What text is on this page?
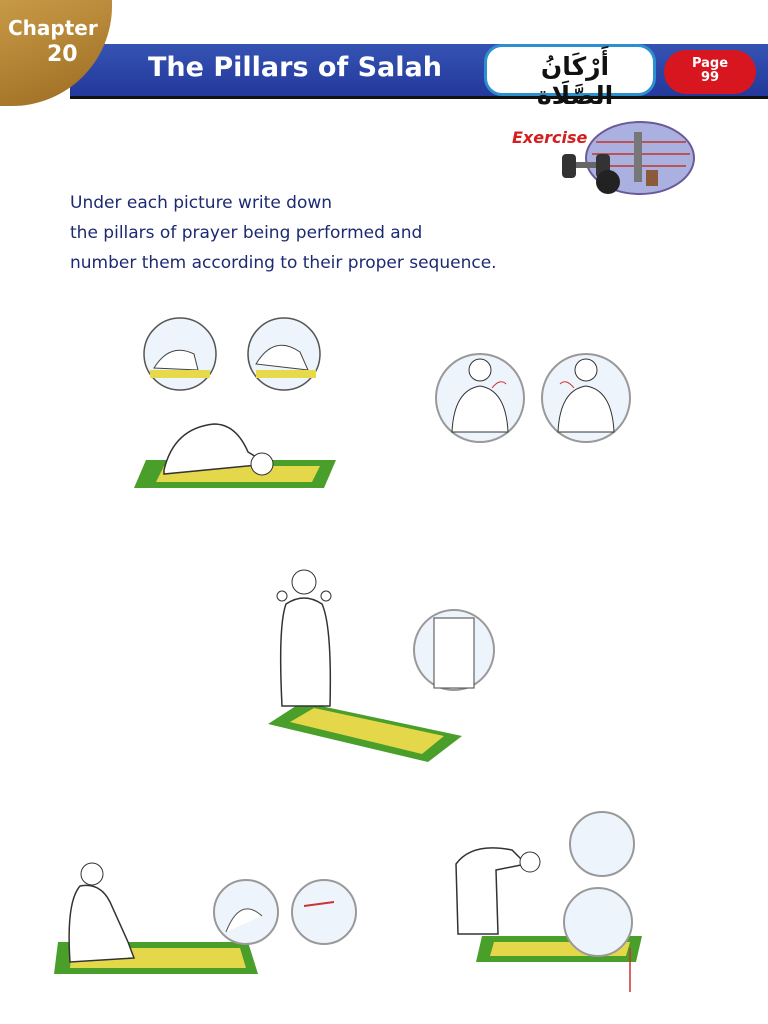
Chapter
20	The Pillars of Salah	أَرْكَانُ الصَّلَاة
Page
99
Exercise
Under each picture write down
the pillars of prayer being performed and
number them according to their proper sequence.
